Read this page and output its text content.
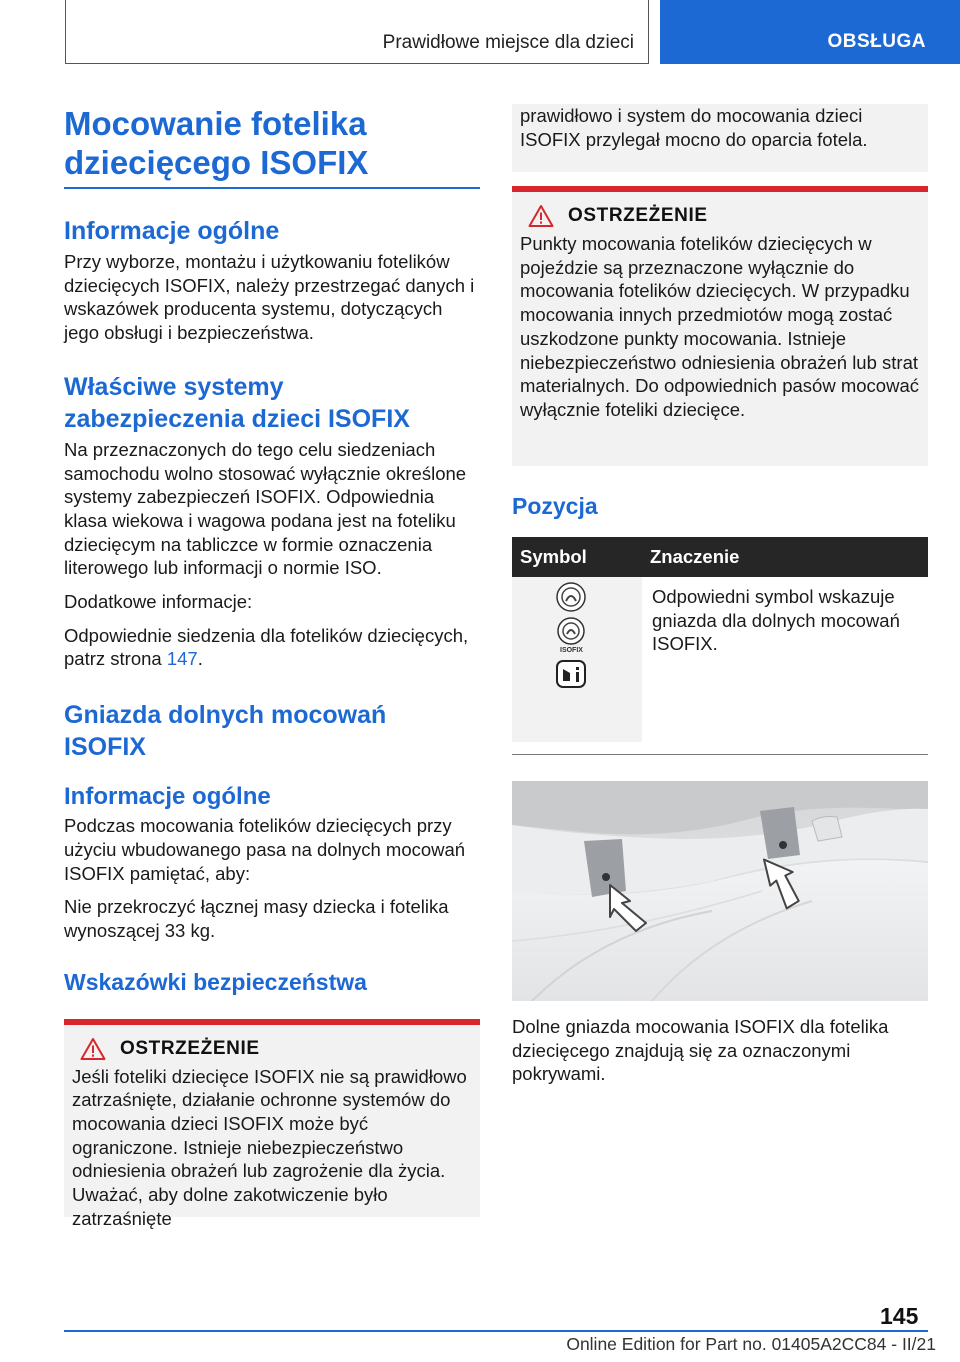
Prawidłowe miejsce dla dzieci	OBSŁUGA
Mocowanie fotelika
dziecięcego ISOFIX
Informacje ogólne

Przy wyborze, montażu i użytkowaniu fotelików dziecięcych ISOFIX, należy przestrzegać danych i wskazówek producenta systemu, dotyczących jego obsługi i bezpieczeństwa.

Właściwe systemy
zabezpieczenia dzieci ISOFIX

Na przeznaczonych do tego celu siedzeniach samochodu wolno stosować wyłącznie określone systemy zabezpieczeń ISOFIX. Odpowiednia klasa wiekowa i wagowa podana jest na foteliku dziecięcym na tabliczce w formie oznaczenia literowego lub informacji o normie ISO.

Dodatkowe informacje:

Odpowiednie siedzenia dla fotelików dziecięcych, patrz strona 147.

Gniazda dolnych mocowań
ISOFIX
Informacje ogólne

Podczas mocowania fotelików dziecięcych przy użyciu wbudowanego pasa na dolnych mocowań ISOFIX pamiętać, aby:

Nie przekroczyć łącznej masy dziecka i fotelika wynoszącej 33 kg.

Wskazówki bezpieczeństwa
OSTRZEŻENIE

Jeśli foteliki dziecięce ISOFIX nie są prawidłowo zatrzaśnięte, działanie ochronne systemów do mocowania dzieci ISOFIX może być ograniczone. Istnieje niebezpieczeństwo odniesienia obrażeń lub zagrożenie dla życia. Uważać, aby dolne zakotwiczenie było zatrzaśnięte

prawidłowo i system do mocowania dzieci ISOFIX przylegał mocno do oparcia fotela.

OSTRZEŻENIE

Punkty mocowania fotelików dziecięcych w pojeździe są przeznaczone wyłącznie do mocowania fotelików dziecięcych. W przypadku mocowania innych przedmiotów mogą zostać uszkodzone punkty mocowania. Istnieje niebezpieczeństwo odniesienia obrażeń lub strat materialnych. Do odpowiednich pasów mocować wyłącznie foteliki dziecięce.

Pozycja
Symbol	Znaczenie

ISOFIX	Odpowiedni symbol wskazuje gniazda dla dolnych mocowań ISOFIX.

Dolne gniazda mocowania ISOFIX dla fotelika dziecięcego znajdują się za oznaczonymi pokrywami.

145
Online Edition for Part no. 01405A2CC84 - II/21
